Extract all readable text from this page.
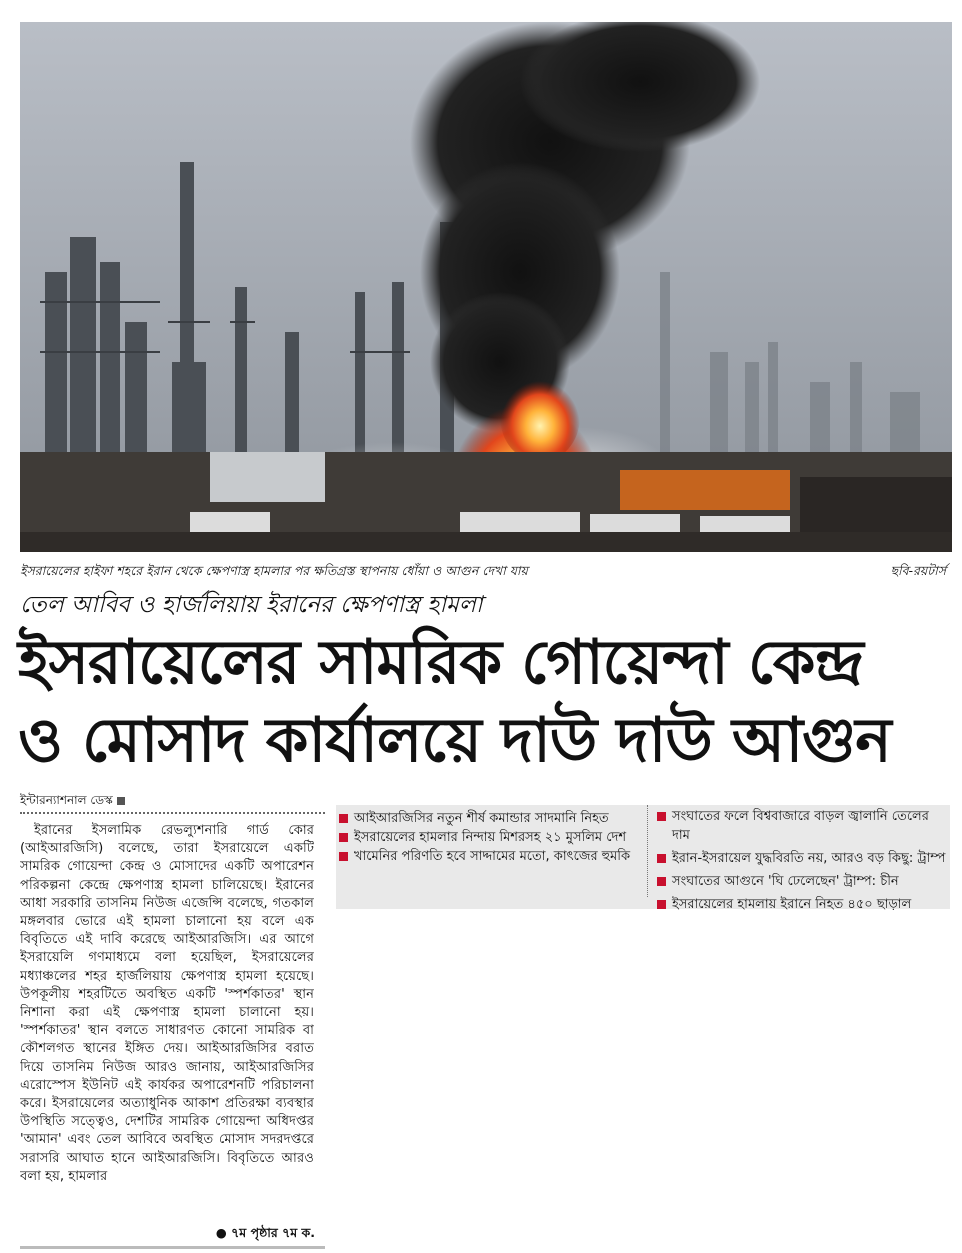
ইসরায়েলের হাইফা শহরে ইরান থেকে ক্ষেপণাস্ত্র হামলার পর ক্ষতিগ্রস্ত স্থাপনায় ধোঁয়া ও আগুন দেখা যায়	ছবি-রয়টার্স
তেল আবিব ও হার্জলিয়ায় ইরানের ক্ষেপণাস্ত্র হামলা
ইসরায়েলের সামরিক গোয়েন্দা কেন্দ্র
ও মোসাদ কার্যালয়ে দাউ দাউ আগুন
ইন্টারন্যাশনাল ডেস্ক
ইরানের ইসলামিক রেভল্যুশনারি গার্ড কোর (আইআরজিসি) বলেছে, তারা ইসরায়েলে একটি সামরিক গোয়েন্দা কেন্দ্র ও মোসাদের একটি অপারেশন পরিকল্পনা কেন্দ্রে ক্ষেপণাস্ত্র হামলা চালিয়েছে। ইরানের আধা সরকারি তাসনিম নিউজ এজেন্সি বলেছে, গতকাল মঙ্গলবার ভোরে এই হামলা চালানো হয় বলে এক বিবৃতিতে এই দাবি করেছে আইআরজিসি। এর আগে ইসরায়েলি গণমাধ্যমে বলা হয়েছিল, ইসরায়েলের মধ্যাঞ্চলের শহর হার্জলিয়ায় ক্ষেপণাস্ত্র হামলা হয়েছে। উপকূলীয় শহরটিতে অবস্থিত একটি 'স্পর্শকাতর' স্থান নিশানা করা এই ক্ষেপণাস্ত্র হামলা চালানো হয়। 'স্পর্শকাতর' স্থান বলতে সাধারণত কোনো সামরিক বা কৌশলগত স্থানের ইঙ্গিত দেয়। আইআরজিসির বরাত দিয়ে তাসনিম নিউজ আরও জানায়, আইআরজিসির এরোস্পেস ইউনিট এই কার্যকর অপারেশনটি পরিচালনা করে। ইসরায়েলের অত্যাধুনিক আকাশ প্রতিরক্ষা ব্যবস্থার উপস্থিতি সত্ত্বেও, দেশটির সামরিক গোয়েন্দা অধিদপ্তর 'আমান' এবং তেল আবিবে অবস্থিত মোসাদ সদরদপ্তরে সরাসরি আঘাত হানে আইআরজিসি। বিবৃতিতে আরও বলা হয়, হামলার
● ৭ম পৃষ্ঠার ৭ম ক.
আইআরজিসির নতুন শীর্ষ কমান্ডার সাদমানি নিহত
ইসরায়েলের হামলার নিন্দায় মিশরসহ ২১ মুসলিম দেশ
খামেনির পরিণতি হবে সাদ্দামের মতো, কাৎজের হুমকি
সংঘাতের ফলে বিশ্ববাজারে বাড়ল জ্বালানি তেলের দাম
ইরান-ইসরায়েল যুদ্ধবিরতি নয়, আরও বড় কিছু: ট্রাম্প
সংঘাতের আগুনে 'ঘি ঢেলেছেন' ট্রাম্প: চীন
ইসরায়েলের হামলায় ইরানে নিহত ৪৫০ ছাড়াল
